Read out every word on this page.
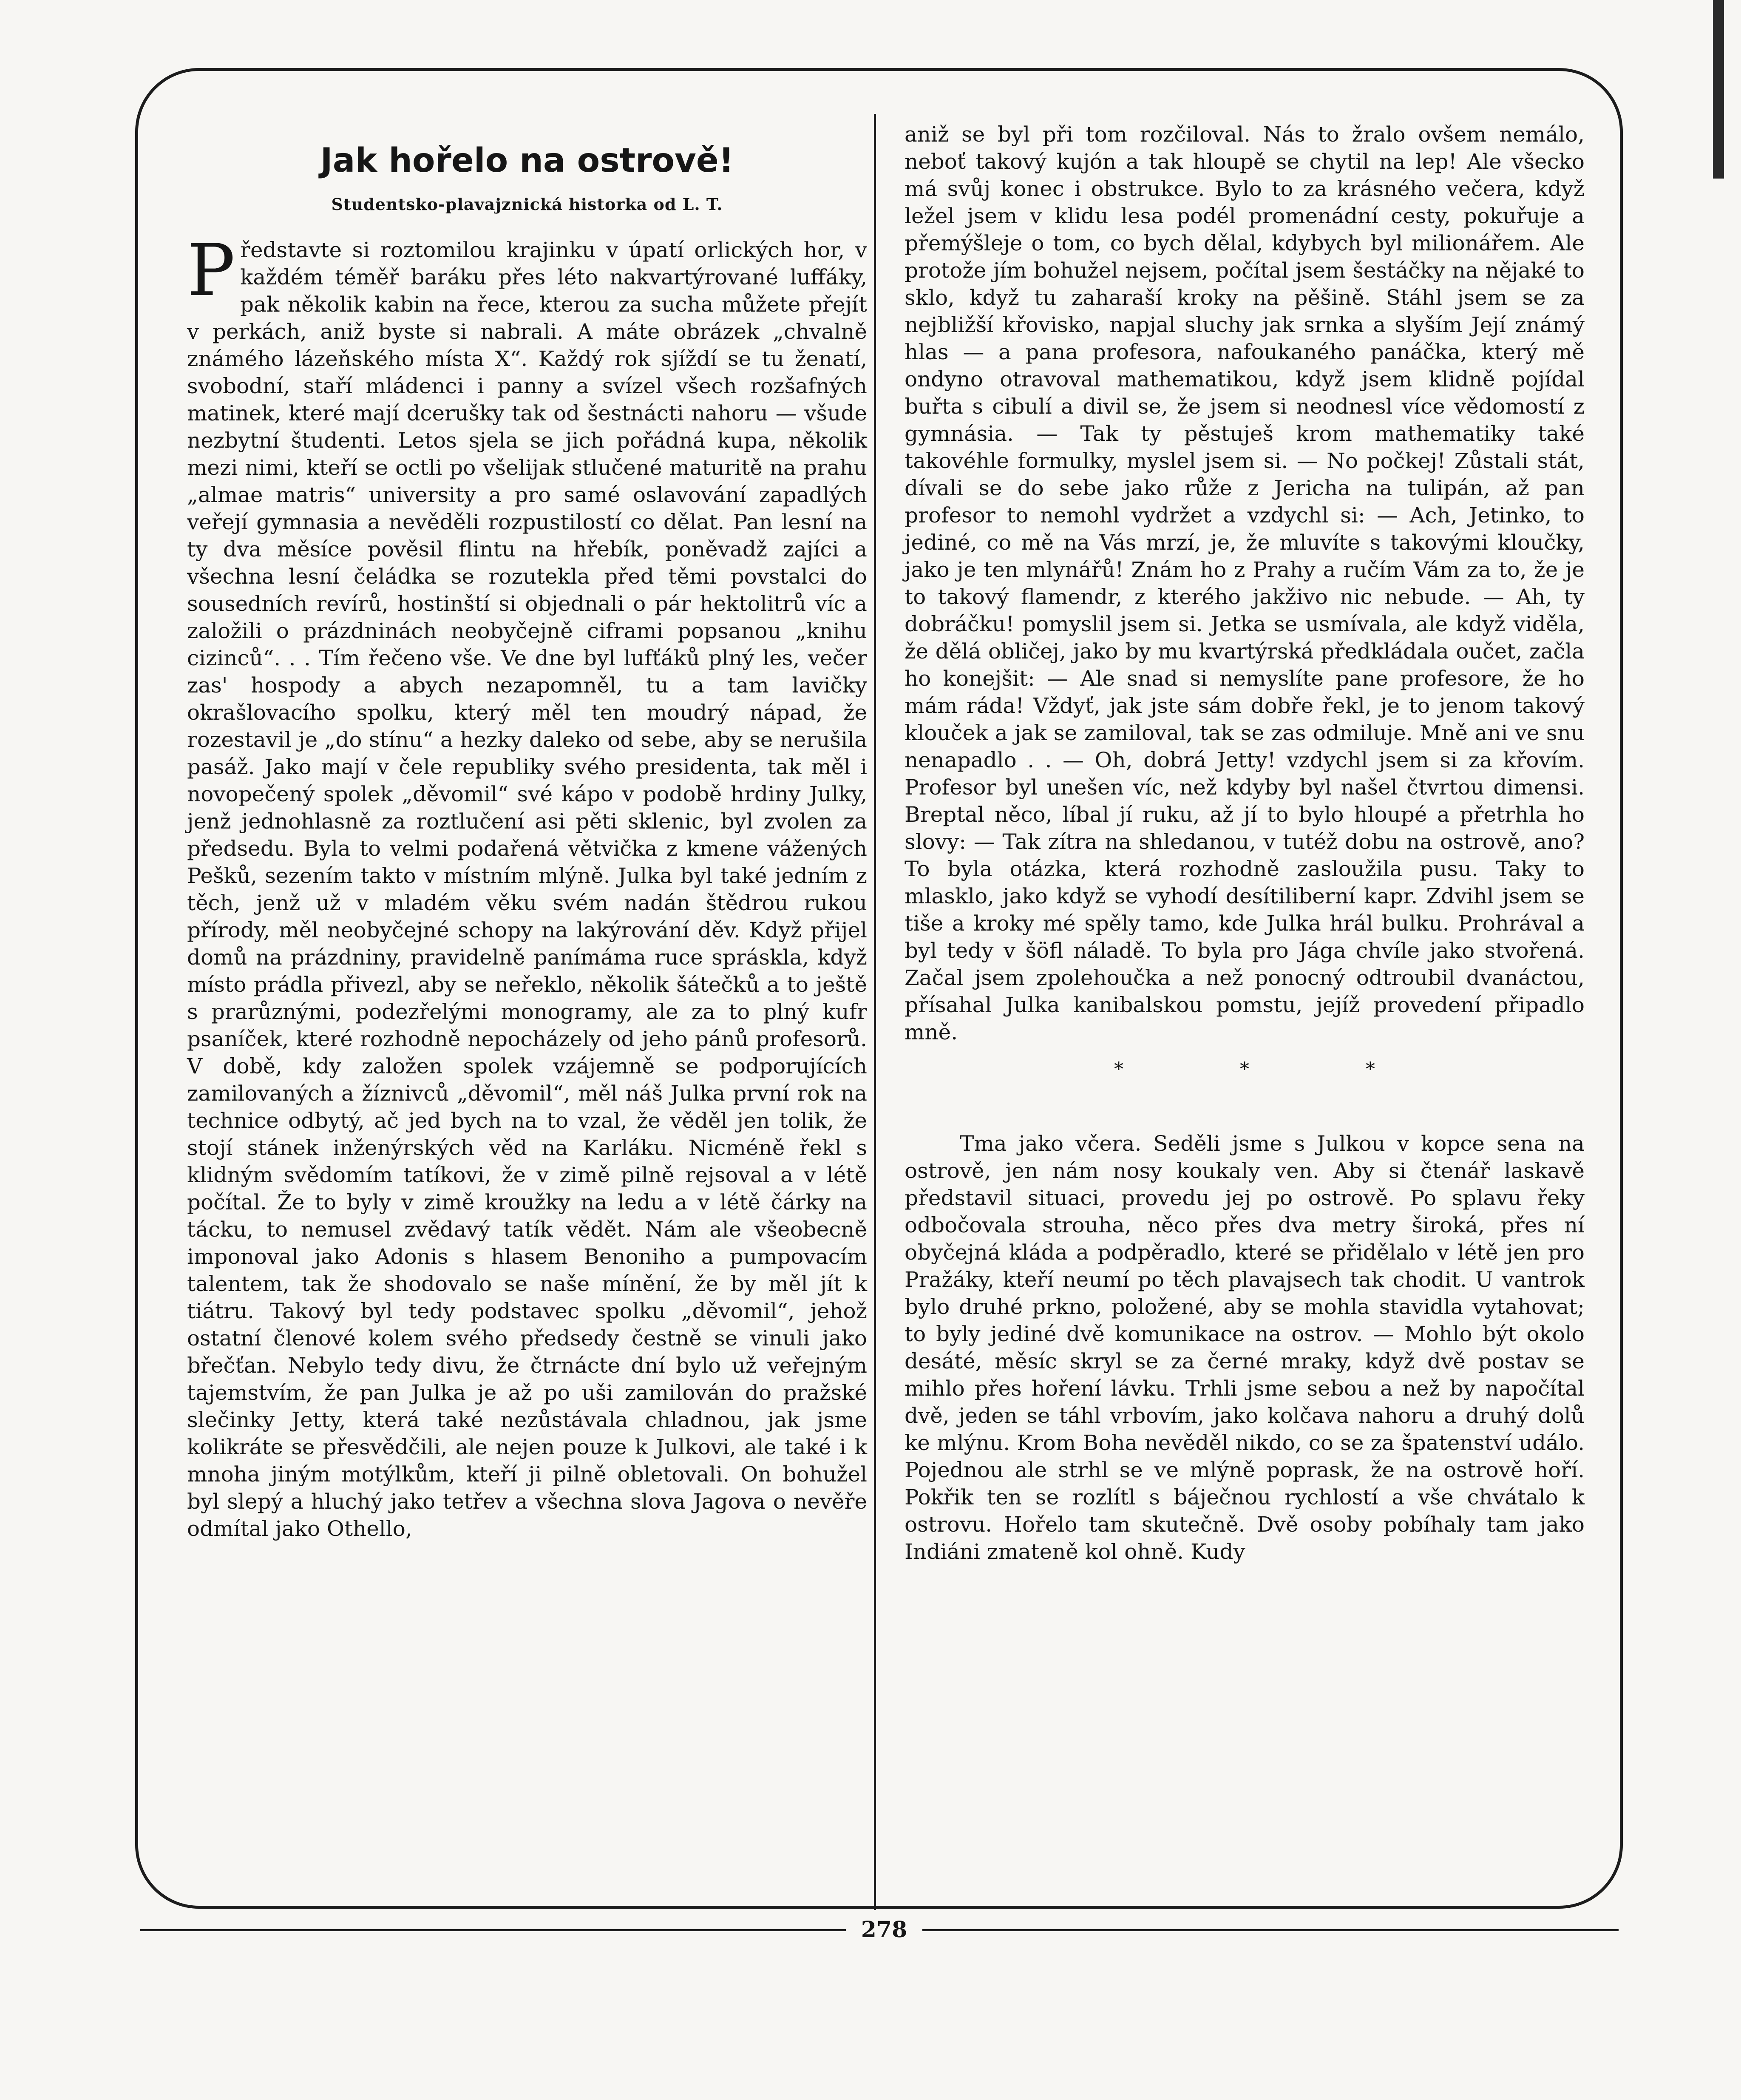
Jak hořelo na ostrově!
Studentsko-plavajznická historka od L. T.

Představte si roztomilou krajinku v úpatí orlických hor, v každém téměř baráku přes léto nakvartýrované luffáky, pak několik kabin na řece, kterou za sucha můžete přejít v perkách, aniž byste si nabrali. A máte obrázek „chvalně známého lázeňského místa X“. Každý rok sjíždí se tu ženatí, svobodní, staří mládenci i panny a svízel všech rozšafných matinek, které mají dcerušky tak od šestnácti nahoru — všude nezbytní študenti. Letos sjela se jich pořádná kupa, několik mezi nimi, kteří se octli po všelijak stlučené maturitě na prahu „almae matris“ university a pro samé oslavování zapadlých veřejí gymnasia a nevěděli rozpustilostí co dělat. Pan lesní na ty dva měsíce pověsil flintu na hřebík, poněvadž zajíci a všechna lesní čeládka se rozutekla před těmi povstalci do sousedních revírů, hostinští si objednali o pár hektolitrů víc a založili o prázdninách neobyčejně ciframi popsanou „knihu cizinců“. . . Tím řečeno vše. Ve dne byl lufťáků plný les, večer zas' hospody a abych nezapomněl, tu a tam lavičky okrašlovacího spolku, který měl ten moudrý nápad, že rozestavil je „do stínu“ a hezky daleko od sebe, aby se nerušila pasáž. Jako mají v čele republiky svého presidenta, tak měl i novopečený spolek „děvomil“ své kápo v podobě hrdiny Julky, jenž jednohlasně za roztlučení asi pěti sklenic, byl zvolen za předsedu. Byla to velmi podařená větvička z kmene vážených Pešků, sezením takto v místním mlýně. Julka byl také jedním z těch, jenž už v mladém věku svém nadán štědrou rukou přírody, měl neobyčejné schopy na lakýrování děv. Když přijel domů na prázdniny, pravidelně panímáma ruce spráskla, když místo prádla přivezl, aby se neřeklo, několik šátečků a to ještě s prarůznými, podezřelými monogramy, ale za to plný kufr psaníček, které rozhodně nepocházely od jeho pánů profesorů. V době, kdy založen spolek vzájemně se podporujících zamilovaných a žíznivců „děvomil“, měl náš Julka první rok na technice odbytý, ač jed bych na to vzal, že věděl jen tolik, že stojí stánek inženýrských věd na Karláku. Nicméně řekl s klidným svědomím tatíkovi, že v zimě pilně rejsoval a v létě počítal. Že to byly v zimě kroužky na ledu a v létě čárky na tácku, to nemusel zvědavý tatík vědět. Nám ale všeobecně imponoval jako Adonis s hlasem Benoniho a pumpovacím talentem, tak že shodovalo se naše mínění, že by měl jít k tiátru. Takový byl tedy podstavec spolku „děvomil“, jehož ostatní členové kolem svého předsedy čestně se vinuli jako břečťan. Nebylo tedy divu, že čtrnácte dní bylo už veřejným tajemstvím, že pan Julka je až po uši zamilován do pražské slečinky Jetty, která také nezůstávala chladnou, jak jsme kolikráte se přesvědčili, ale nejen pouze k Julkovi, ale také i k mnoha jiným motýlkům, kteří ji pilně obletovali. On bohužel byl slepý a hluchý jako tetřev a všechna slova Jagova o nevěře odmítal jako Othello,

aniž se byl při tom rozčiloval. Nás to žralo ovšem nemálo, neboť takový kujón a tak hloupě se chytil na lep! Ale všecko má svůj konec i obstrukce. Bylo to za krásného večera, když ležel jsem v klidu lesa podél promenádní cesty, pokuřuje a přemýšleje o tom, co bych dělal, kdybych byl milionářem. Ale protože jím bohužel nejsem, počítal jsem šestáčky na nějaké to sklo, když tu zaharaší kroky na pěšině. Stáhl jsem se za nejbližší křovisko, napjal sluchy jak srnka a slyším Její známý hlas — a pana profesora, nafoukaného panáčka, který mě ondyno otravoval mathematikou, když jsem klidně pojídal buřta s cibulí a divil se, že jsem si neodnesl více vědomostí z gymnásia. — Tak ty pěstuješ krom mathematiky také takovéhle formulky, myslel jsem si. — No počkej! Zůstali stát, dívali se do sebe jako růže z Jericha na tulipán, až pan profesor to nemohl vydržet a vzdychl si: — Ach, Jetinko, to jediné, co mě na Vás mrzí, je, že mluvíte s takovými kloučky, jako je ten mlynářů! Znám ho z Prahy a ručím Vám za to, že je to takový flamendr, z kterého jakživo nic nebude. — Ah, ty dobráčku! pomyslil jsem si. Jetka se usmívala, ale když viděla, že dělá obličej, jako by mu kvartýrská předkládala oučet, začla ho konejšit: — Ale snad si nemyslíte pane profesore, že ho mám ráda! Vždyť, jak jste sám dobře řekl, je to jenom takový klouček a jak se zamiloval, tak se zas odmiluje. Mně ani ve snu nenapadlo . . — Oh, dobrá Jetty! vzdychl jsem si za křovím. Profesor byl unešen víc, než kdyby byl našel čtvrtou dimensi. Breptal něco, líbal jí ruku, až jí to bylo hloupé a přetrhla ho slovy: — Tak zítra na shledanou, v tutéž dobu na ostrově, ano? To byla otázka, která rozhodně zasloužila pusu. Taky to mlasklo, jako když se vyhodí desítiliberní kapr. Zdvihl jsem se tiše a kroky mé spěly tamo, kde Julka hrál bulku. Prohrával a byl tedy v šöfl náladě. To byla pro Jága chvíle jako stvořená. Začal jsem zpolehoučka a než ponocný odtroubil dvanáctou, přísahal Julka kanibalskou pomstu, jejíž provedení připadlo mně.

* * *

Tma jako včera. Seděli jsme s Julkou v kopce sena na ostrově, jen nám nosy koukaly ven. Aby si čtenář laskavě představil situaci, provedu jej po ostrově. Po splavu řeky odbočovala strouha, něco přes dva metry široká, přes ní obyčejná kláda a podpěradlo, které se přidělalo v létě jen pro Pražáky, kteří neumí po těch plavajsech tak chodit. U vantrok bylo druhé prkno, položené, aby se mohla stavidla vytahovat; to byly jediné dvě komunikace na ostrov. — Mohlo být okolo desáté, měsíc skryl se za černé mraky, když dvě postav se mihlo přes hoření lávku. Trhli jsme sebou a než by napočítal dvě, jeden se táhl vrbovím, jako kolčava nahoru a druhý dolů ke mlýnu. Krom Boha nevěděl nikdo, co se za špatenství událo. Pojednou ale strhl se ve mlýně poprask, že na ostrově hoří. Pokřik ten se rozlítl s báječnou rychlostí a vše chvátalo k ostrovu. Hořelo tam skutečně. Dvě osoby pobíhaly tam jako Indiáni zmateně kol ohně. Kudy

278
